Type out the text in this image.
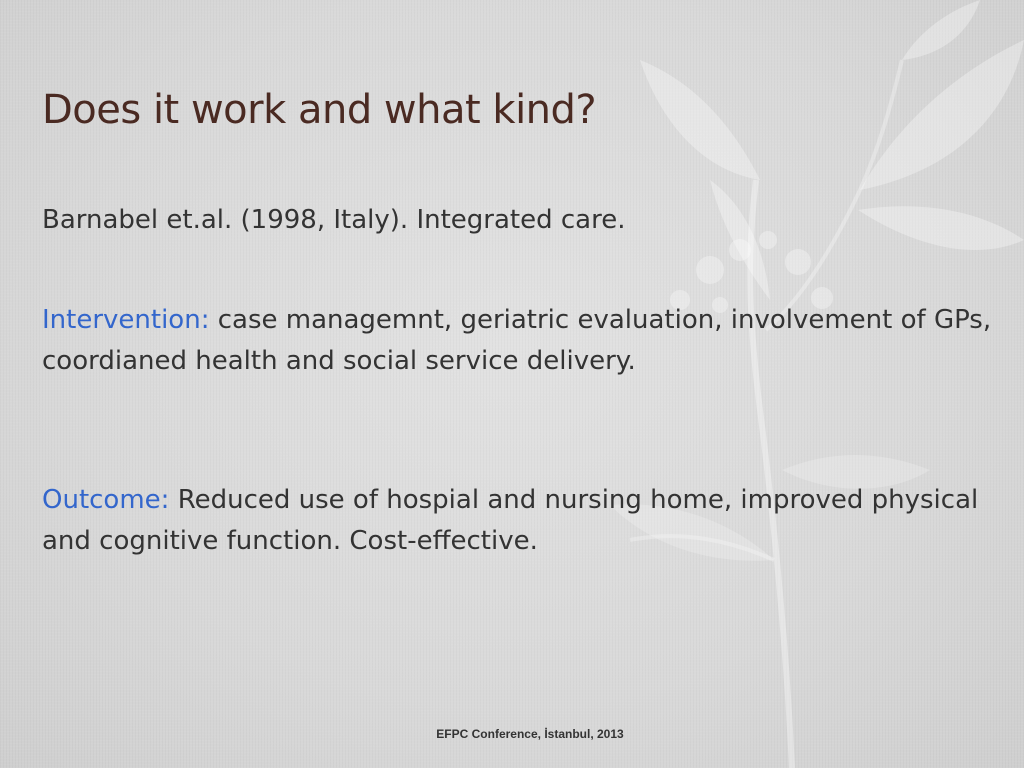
Does it work and what kind?

Barnabel et.al. (1998, Italy). Integrated care.

Intervention: case managemnt, geriatric evaluation, involvement of GPs, coordianed health and social service delivery.

Outcome: Reduced use of hospial and nursing home, improved physical and cognitive function. Cost-effective.

EFPC Conference, İstanbul, 2013
